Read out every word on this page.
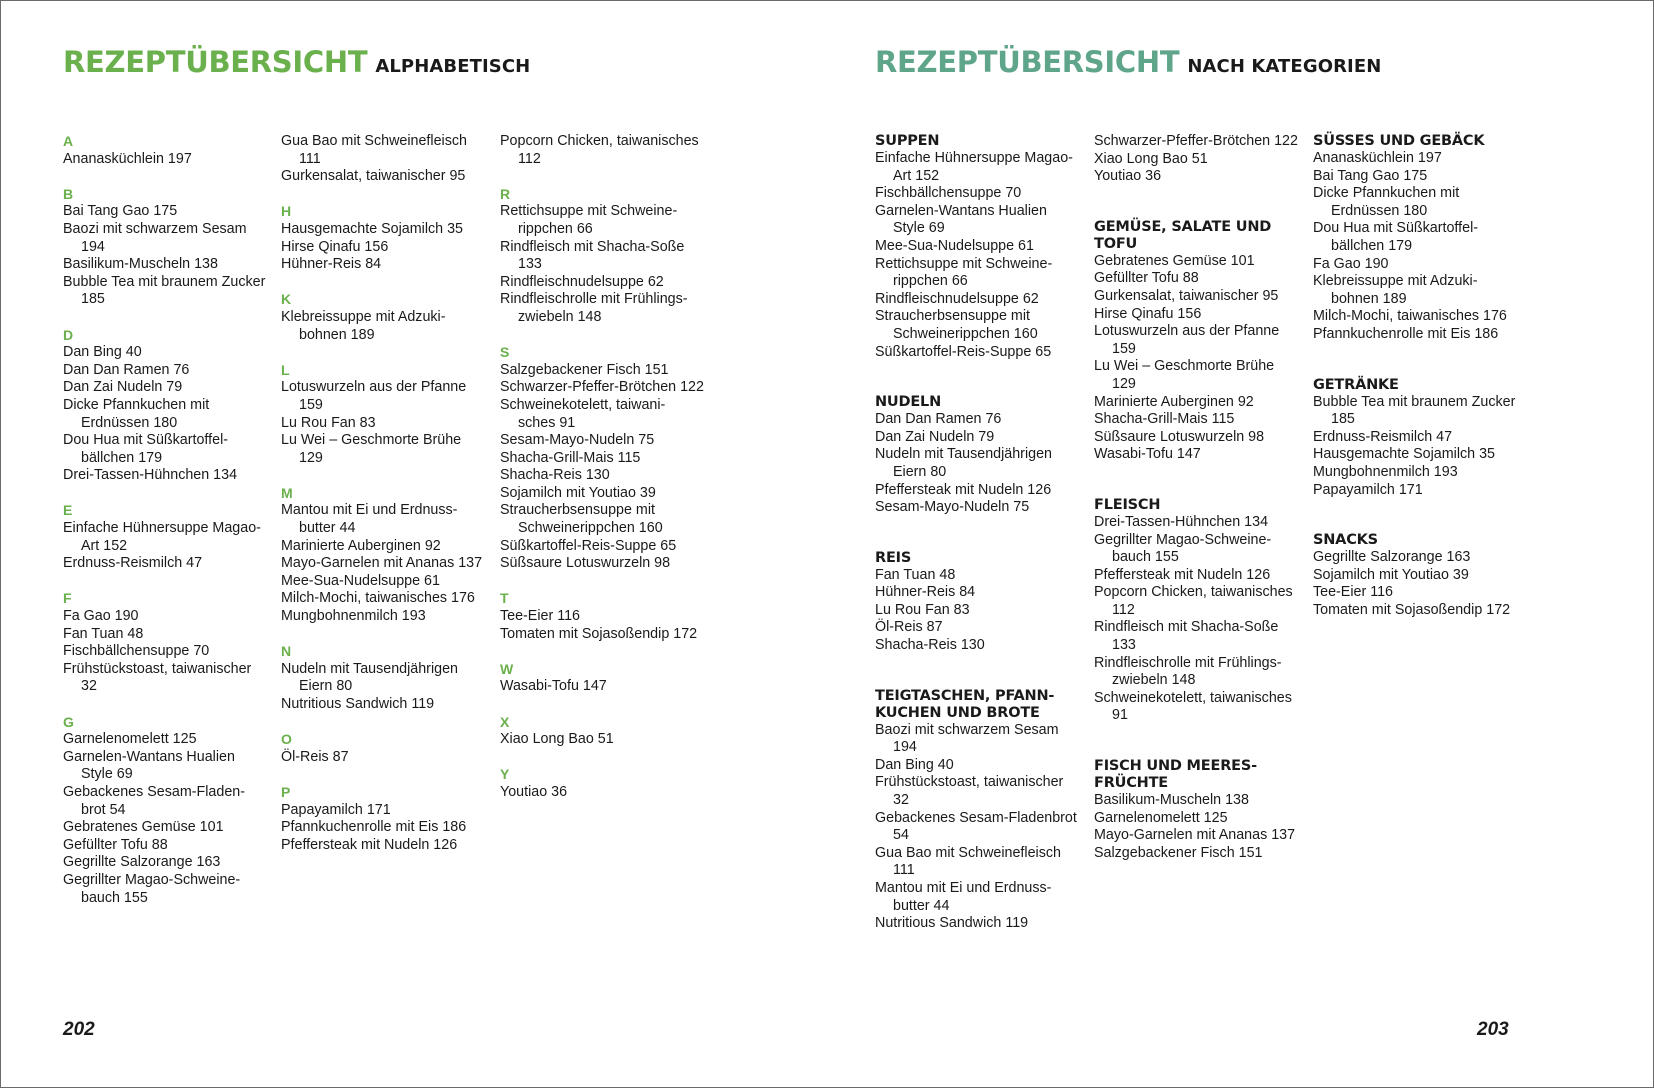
REZEPTÜBERSICHT ALPHABETISCH	REZEPTÜBERSICHT NACH KATEGORIEN
A
Ananasküchlein 197
B
Bai Tang Gao 175
Baozi mit schwarzem Sesam 194
Basilikum-Muscheln 138
Bubble Tea mit braunem Zucker 185
D
Dan Bing 40
Dan Dan Ramen 76
Dan Zai Nudeln 79
Dicke Pfannkuchen mit Erdnüssen 180
Dou Hua mit Süßkartoffel- bällchen 179
Drei-Tassen-Hühnchen 134
E
Einfache Hühnersuppe Magao-Art 152
Erdnuss-Reismilch 47
F
Fa Gao 190
Fan Tuan 48
Fischbällchensuppe 70
Frühstückstoast, taiwanischer 32
G
Garnelenomelett 125
Garnelen-Wantans Hualien Style 69
Gebackenes Sesam-Fladen- brot 54
Gebratenes Gemüse 101
Gefüllter Tofu 88
Gegrillte Salzorange 163
Gegrillter Magao-Schweine- bauch 155
Gua Bao mit Schweinefleisch 111
Gurkensalat, taiwanischer 95
H
Hausgemachte Sojamilch 35
Hirse Qinafu 156
Hühner-Reis 84
K
Klebreissuppe mit Adzuki- bohnen 189
L
Lotuswurzeln aus der Pfanne 159
Lu Rou Fan 83
Lu Wei – Geschmorte Brühe 129
M
Mantou mit Ei und Erdnuss- butter 44
Marinierte Auberginen 92
Mayo-Garnelen mit Ananas 137
Mee-Sua-Nudelsuppe 61
Milch-Mochi, taiwanisches 176
Mungbohnenmilch 193
N
Nudeln mit Tausendjährigen Eiern 80
Nutritious Sandwich 119
O
Öl-Reis 87
P
Papayamilch 171
Pfannkuchenrolle mit Eis 186
Pfeffersteak mit Nudeln 126
Popcorn Chicken, taiwanisches 112
R
Rettichsuppe mit Schweine- rippchen 66
Rindfleisch mit Shacha-Soße 133
Rindfleischnudelsuppe 62
Rindfleischrolle mit Frühlings- zwiebeln 148
S
Salzgebackener Fisch 151
Schwarzer-Pfeffer-Brötchen 122
Schweinekotelett, taiwani- sches 91
Sesam-Mayo-Nudeln 75
Shacha-Grill-Mais 115
Shacha-Reis 130
Sojamilch mit Youtiao 39
Straucherbsensuppe mit Schweinerippchen 160
Süßkartoffel-Reis-Suppe 65
Süßsaure Lotuswurzeln 98
T
Tee-Eier 116
Tomaten mit Sojasoßendip 172
W
Wasabi-Tofu 147
X
Xiao Long Bao 51
Y
Youtiao 36
SUPPEN
Einfache Hühnersuppe Magao-Art 152
Fischbällchensuppe 70
Garnelen-Wantans Hualien Style 69
Mee-Sua-Nudelsuppe 61
Rettichsuppe mit Schweine- rippchen 66
Rindfleischnudelsuppe 62
Straucherbsensuppe mit Schweinerippchen 160
Süßkartoffel-Reis-Suppe 65
NUDELN
Dan Dan Ramen 76
Dan Zai Nudeln 79
Nudeln mit Tausendjährigen Eiern 80
Pfeffersteak mit Nudeln 126
Sesam-Mayo-Nudeln 75
REIS
Fan Tuan 48
Hühner-Reis 84
Lu Rou Fan 83
Öl-Reis 87
Shacha-Reis 130
TEIGTASCHEN, PFANN- KUCHEN UND BROTE
Baozi mit schwarzem Sesam 194
Dan Bing 40
Frühstückstoast, taiwanischer 32
Gebackenes Sesam-Fladenbrot 54
Gua Bao mit Schweinefleisch 111
Mantou mit Ei und Erdnuss- butter 44
Nutritious Sandwich 119
Schwarzer-Pfeffer-Brötchen 122
Xiao Long Bao 51
Youtiao 36
GEMÜSE, SALATE UND TOFU
Gebratenes Gemüse 101
Gefüllter Tofu 88
Gurkensalat, taiwanischer 95
Hirse Qinafu 156
Lotuswurzeln aus der Pfanne 159
Lu Wei – Geschmorte Brühe 129
Marinierte Auberginen 92
Shacha-Grill-Mais 115
Süßsaure Lotuswurzeln 98
Wasabi-Tofu 147
FLEISCH
Drei-Tassen-Hühnchen 134
Gegrillter Magao-Schweine- bauch 155
Pfeffersteak mit Nudeln 126
Popcorn Chicken, taiwanisches 112
Rindfleisch mit Shacha-Soße 133
Rindfleischrolle mit Frühlings- zwiebeln 148
Schweinekotelett, taiwanisches 91
FISCH UND MEERES- FRÜCHTE
Basilikum-Muscheln 138
Garnelenomelett 125
Mayo-Garnelen mit Ananas 137
Salzgebackener Fisch 151
SÜSSES UND GEBÄCK
Ananasküchlein 197
Bai Tang Gao 175
Dicke Pfannkuchen mit Erdnüssen 180
Dou Hua mit Süßkartoffel- bällchen 179
Fa Gao 190
Klebreissuppe mit Adzuki- bohnen 189
Milch-Mochi, taiwanisches 176
Pfannkuchenrolle mit Eis 186
GETRÄNKE
Bubble Tea mit braunem Zucker 185
Erdnuss-Reismilch 47
Hausgemachte Sojamilch 35
Mungbohnenmilch 193
Papayamilch 171
SNACKS
Gegrillte Salzorange 163
Sojamilch mit Youtiao 39
Tee-Eier 116
Tomaten mit Sojasoßendip 172
202	203
